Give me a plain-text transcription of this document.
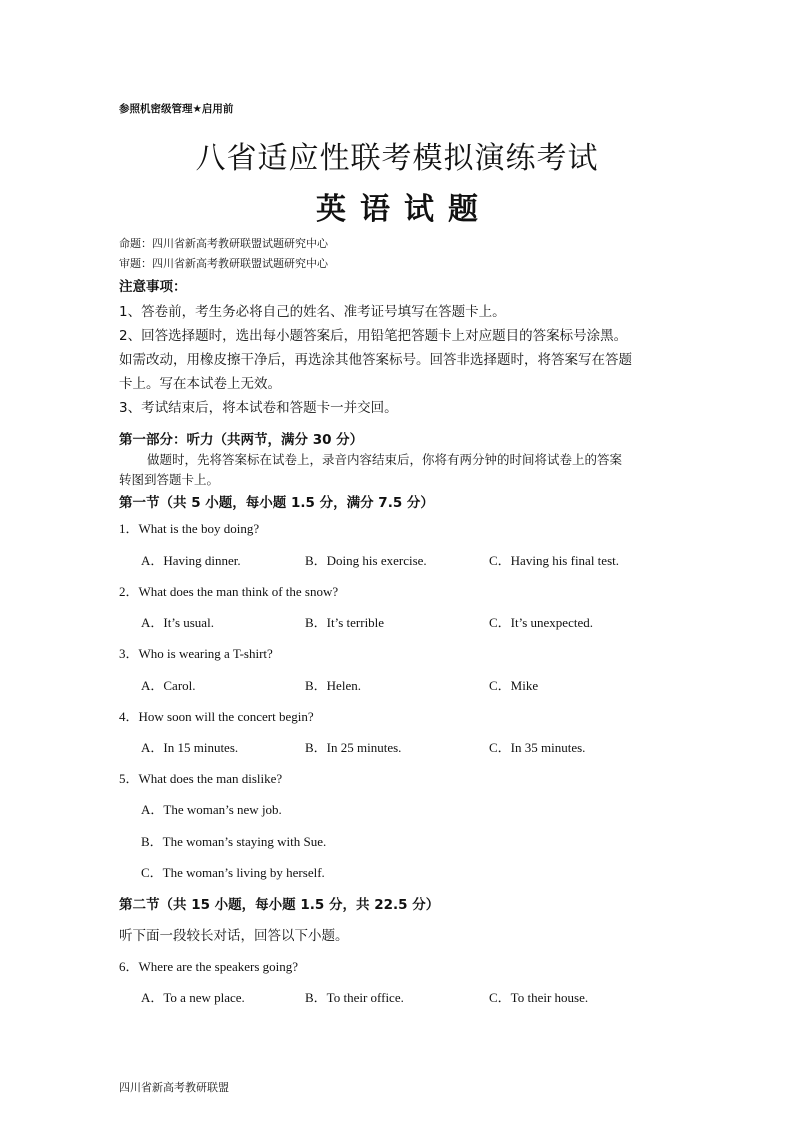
参照机密级管理★启用前
八省适应性联考模拟演练考试
英语试题
命题：四川省新高考教研联盟试题研究中心
审题：四川省新高考教研联盟试题研究中心
注意事项：
1、答卷前，考生务必将自己的姓名、准考证号填写在答题卡上。
2、回答选择题时，选出每小题答案后，用铅笔把答题卡上对应题目的答案标号涂黑。
如需改动，用橡皮擦干净后，再选涂其他答案标号。回答非选择题时，将答案写在答题
卡上。写在本试卷上无效。
3、考试结束后，将本试卷和答题卡一并交回。
第一部分：听力（共两节，满分 30 分）
做题时，先将答案标在试卷上，录音内容结束后，你将有两分钟的时间将试卷上的答案
转图到答题卡上。
第一节（共 5 小题，每小题 1.5 分，满分 7.5 分）
1．What is the boy doing?
A．Having dinner.	B．Doing his exercise.	C．Having his final test.
2．What does the man think of the snow?
A．It’s usual.	B．It’s terrible	C．It’s unexpected.
3．Who is wearing a T-shirt?
A．Carol.	B．Helen.	C．Mike
4．How soon will the concert begin?
A．In 15 minutes.	B．In 25 minutes.	C．In 35 minutes.
5．What does the man dislike?
A．The woman’s new job.
B．The woman’s staying with Sue.
C．The woman’s living by herself.
第二节（共 15 小题，每小题 1.5 分，共 22.5 分）
听下面一段较长对话，回答以下小题。
6．Where are the speakers going?
A．To a new place.	B．To their office.	C．To their house.
四川省新高考教研联盟
